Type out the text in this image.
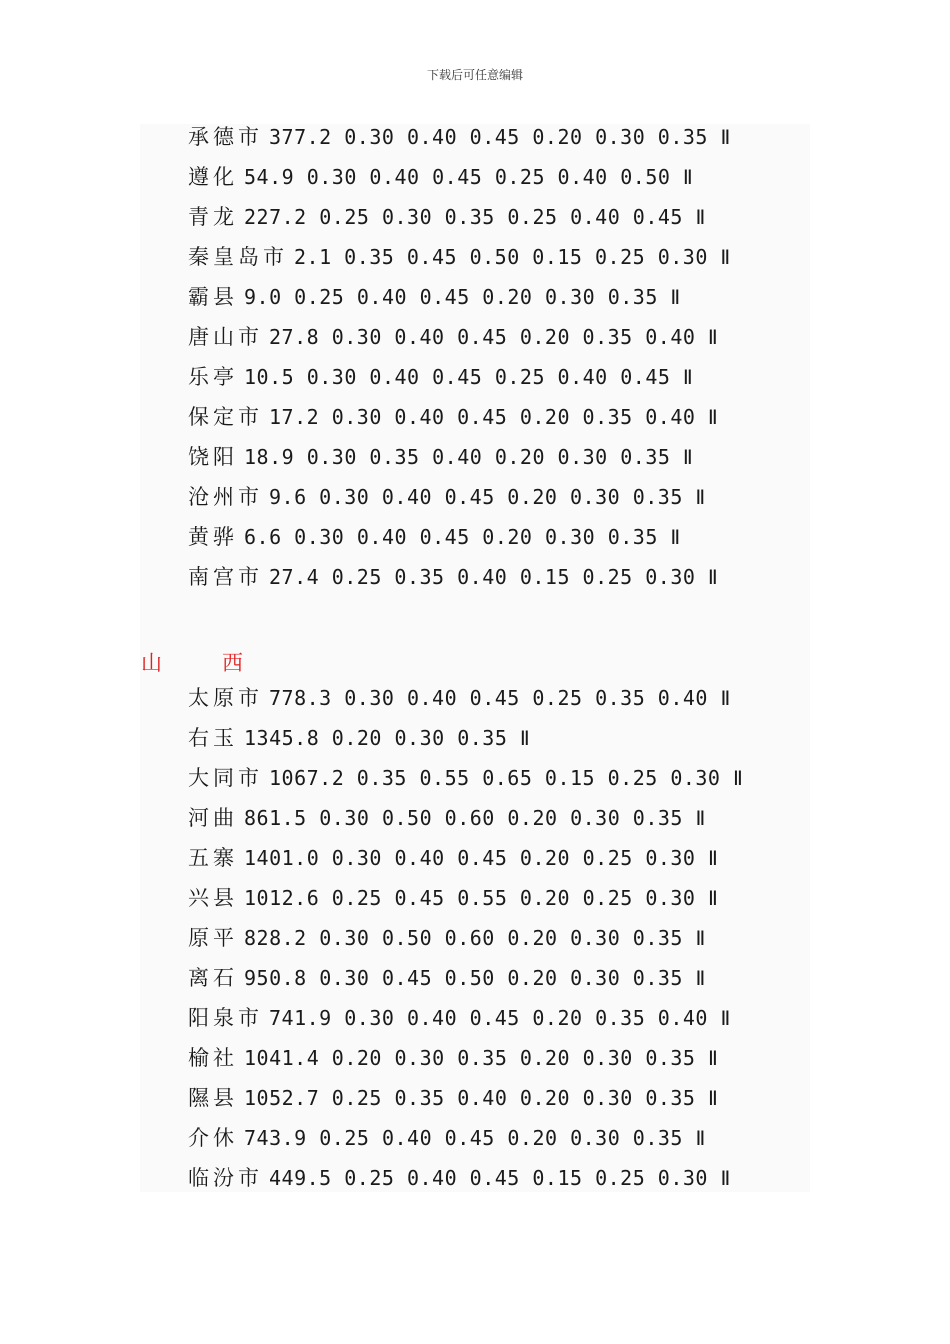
下载后可任意编辑
承德市 377.2 0.30 0.40 0.45 0.20 0.30 0.35 Ⅱ
遵化 54.9 0.30 0.40 0.45 0.25 0.40 0.50 Ⅱ
青龙 227.2 0.25 0.30 0.35 0.25 0.40 0.45 Ⅱ
秦皇岛市 2.1 0.35 0.45 0.50 0.15 0.25 0.30 Ⅱ
霸县 9.0 0.25 0.40 0.45 0.20 0.30 0.35 Ⅱ
唐山市 27.8 0.30 0.40 0.45 0.20 0.35 0.40 Ⅱ
乐亭 10.5 0.30 0.40 0.45 0.25 0.40 0.45 Ⅱ
保定市 17.2 0.30 0.40 0.45 0.20 0.35 0.40 Ⅱ
饶阳 18.9 0.30 0.35 0.40 0.20 0.30 0.35 Ⅱ
沧州市 9.6 0.30 0.40 0.45 0.20 0.30 0.35 Ⅱ
黄骅 6.6 0.30 0.40 0.45 0.20 0.30 0.35 Ⅱ
南宫市 27.4 0.25 0.35 0.40 0.15 0.25 0.30 Ⅱ
山	西
太原市 778.3 0.30 0.40 0.45 0.25 0.35 0.40 Ⅱ
右玉 1345.8 0.20 0.30 0.35 Ⅱ
大同市 1067.2 0.35 0.55 0.65 0.15 0.25 0.30 Ⅱ
河曲 861.5 0.30 0.50 0.60 0.20 0.30 0.35 Ⅱ
五寨 1401.0 0.30 0.40 0.45 0.20 0.25 0.30 Ⅱ
兴县 1012.6 0.25 0.45 0.55 0.20 0.25 0.30 Ⅱ
原平 828.2 0.30 0.50 0.60 0.20 0.30 0.35 Ⅱ
离石 950.8 0.30 0.45 0.50 0.20 0.30 0.35 Ⅱ
阳泉市 741.9 0.30 0.40 0.45 0.20 0.35 0.40 Ⅱ
榆社 1041.4 0.20 0.30 0.35 0.20 0.30 0.35 Ⅱ
隰县 1052.7 0.25 0.35 0.40 0.20 0.30 0.35 Ⅱ
介休 743.9 0.25 0.40 0.45 0.20 0.30 0.35 Ⅱ
临汾市 449.5 0.25 0.40 0.45 0.15 0.25 0.30 Ⅱ
